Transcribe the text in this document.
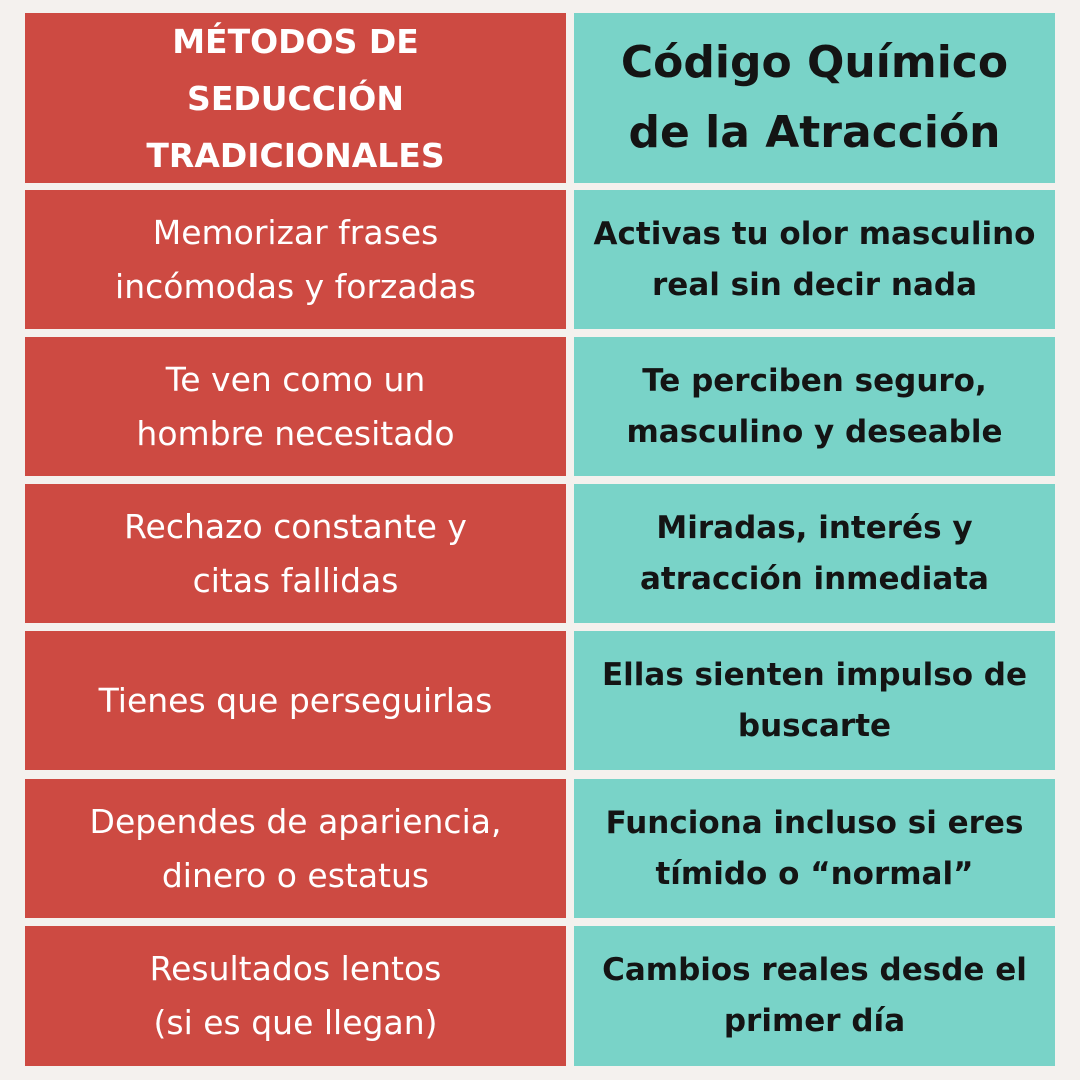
MÉTODOS DE
SEDUCCIÓN
TRADICIONALES
Código Químico
de la Atracción
Memorizar frases
incómodas y forzadas
Activas tu olor masculino
real sin decir nada
Te ven como un
hombre necesitado
Te perciben seguro,
masculino y deseable
Rechazo constante y
citas fallidas
Miradas, interés y
atracción inmediata
Tienes que perseguirlas
Ellas sienten impulso de
buscarte
Dependes de apariencia,
dinero o estatus
Funciona incluso si eres
tímido o “normal”
Resultados lentos
(si es que llegan)
Cambios reales desde el
primer día
